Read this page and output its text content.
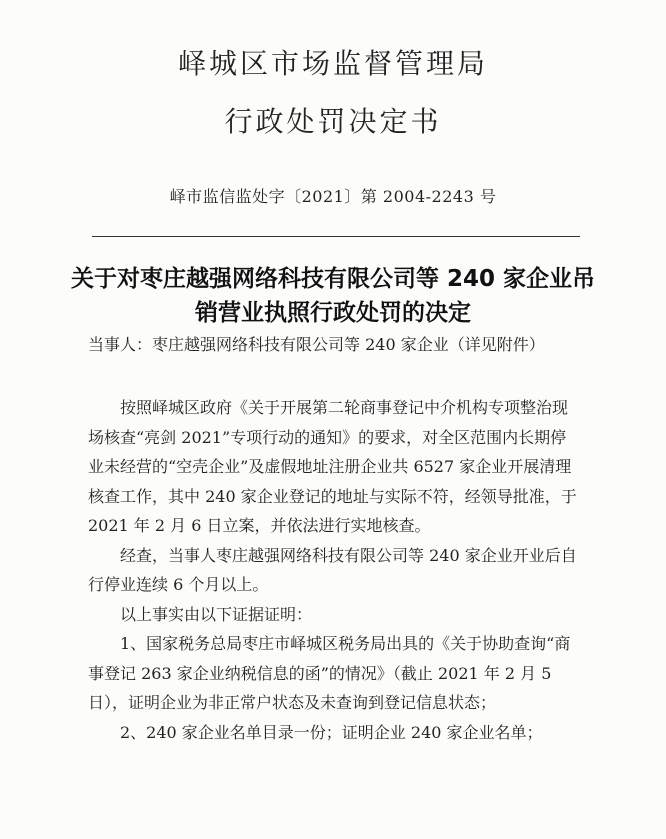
峄城区市场监督管理局
行政处罚决定书
峄市监信监处字〔2021〕第 2004-2243 号
关于对枣庄越强网络科技有限公司等 240 家企业吊销营业执照行政处罚的决定
当事人：枣庄越强网络科技有限公司等 240 家企业（详见附件）

按照峄城区政府《关于开展第二轮商事登记中介机构专项整治现场核查“亮剑 2021”专项行动的通知》的要求，对全区范围内长期停业未经营的“空壳企业”及虚假地址注册企业共 6527 家企业开展清理核查工作，其中 240 家企业登记的地址与实际不符，经领导批准，于 2021 年 2 月 6 日立案，并依法进行实地核查。

经查，当事人枣庄越强网络科技有限公司等 240 家企业开业后自行停业连续 6 个月以上。

以上事实由以下证据证明：

1、国家税务总局枣庄市峄城区税务局出具的《关于协助查询“商事登记 263 家企业纳税信息的函”的情况》（截止 2021 年 2 月 5 日），证明企业为非正常户状态及未查询到登记信息状态；

2、240 家企业名单目录一份；证明企业 240 家企业名单；
